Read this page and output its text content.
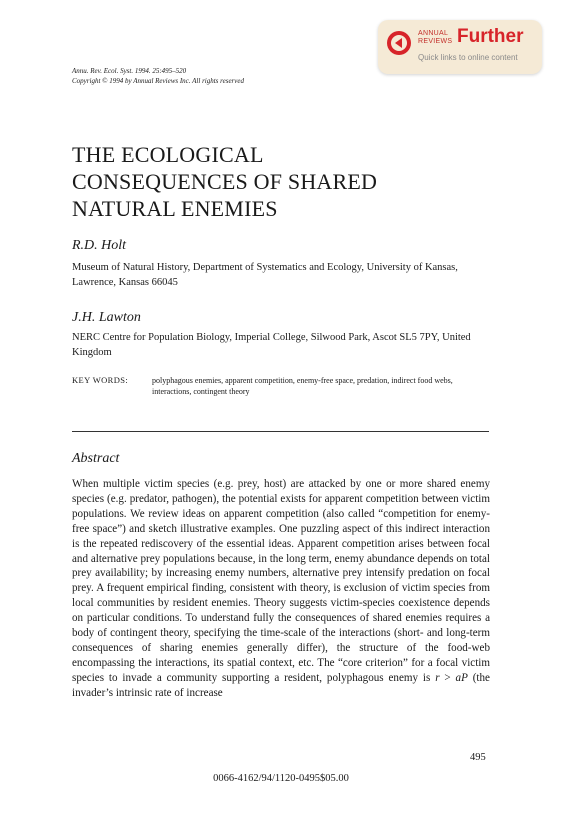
ANNUAL
REVIEWS Further
Quick links to online content
Annu. Rev. Ecol. Syst. 1994. 25:495–520
Copyright © 1994 by Annual Reviews Inc. All rights reserved
THE ECOLOGICAL
CONSEQUENCES OF SHARED
NATURAL ENEMIES
R.D. Holt
Museum of Natural History, Department of Systematics and Ecology, University of Kansas, Lawrence, Kansas 66045
J.H. Lawton
NERC Centre for Population Biology, Imperial College, Silwood Park, Ascot SL5 7PY, United Kingdom
KEY WORDS:	polyphagous enemies, apparent competition, enemy-free space, predation, indirect food webs, interactions, contingent theory
Abstract
When multiple victim species (e.g. prey, host) are attacked by one or more shared enemy species (e.g. predator, pathogen), the potential exists for apparent competition between victim populations. We review ideas on apparent competition (also called “competition for enemy-free space”) and sketch illustrative examples. One puzzling aspect of this indirect interaction is the repeated rediscovery of the essential ideas. Apparent competition arises between focal and alternative prey populations because, in the long term, enemy abundance depends on total prey availability; by increasing enemy numbers, alternative prey intensify predation on focal prey. A frequent empirical finding, consistent with theory, is exclusion of victim species from local communities by resident enemies. Theory suggests victim-species coexistence depends on particular conditions. To understand fully the consequences of shared enemies requires a body of contingent theory, specifying the time-scale of the interactions (short- and long-term consequences of sharing enemies generally differ), the structure of the food-web encompassing the interactions, its spatial context, etc. The “core criterion” for a focal victim species to invade a community supporting a resident, polyphagous enemy is r > aP (the invader’s intrinsic rate of increase
495
0066-4162/94/1120-0495$05.00
